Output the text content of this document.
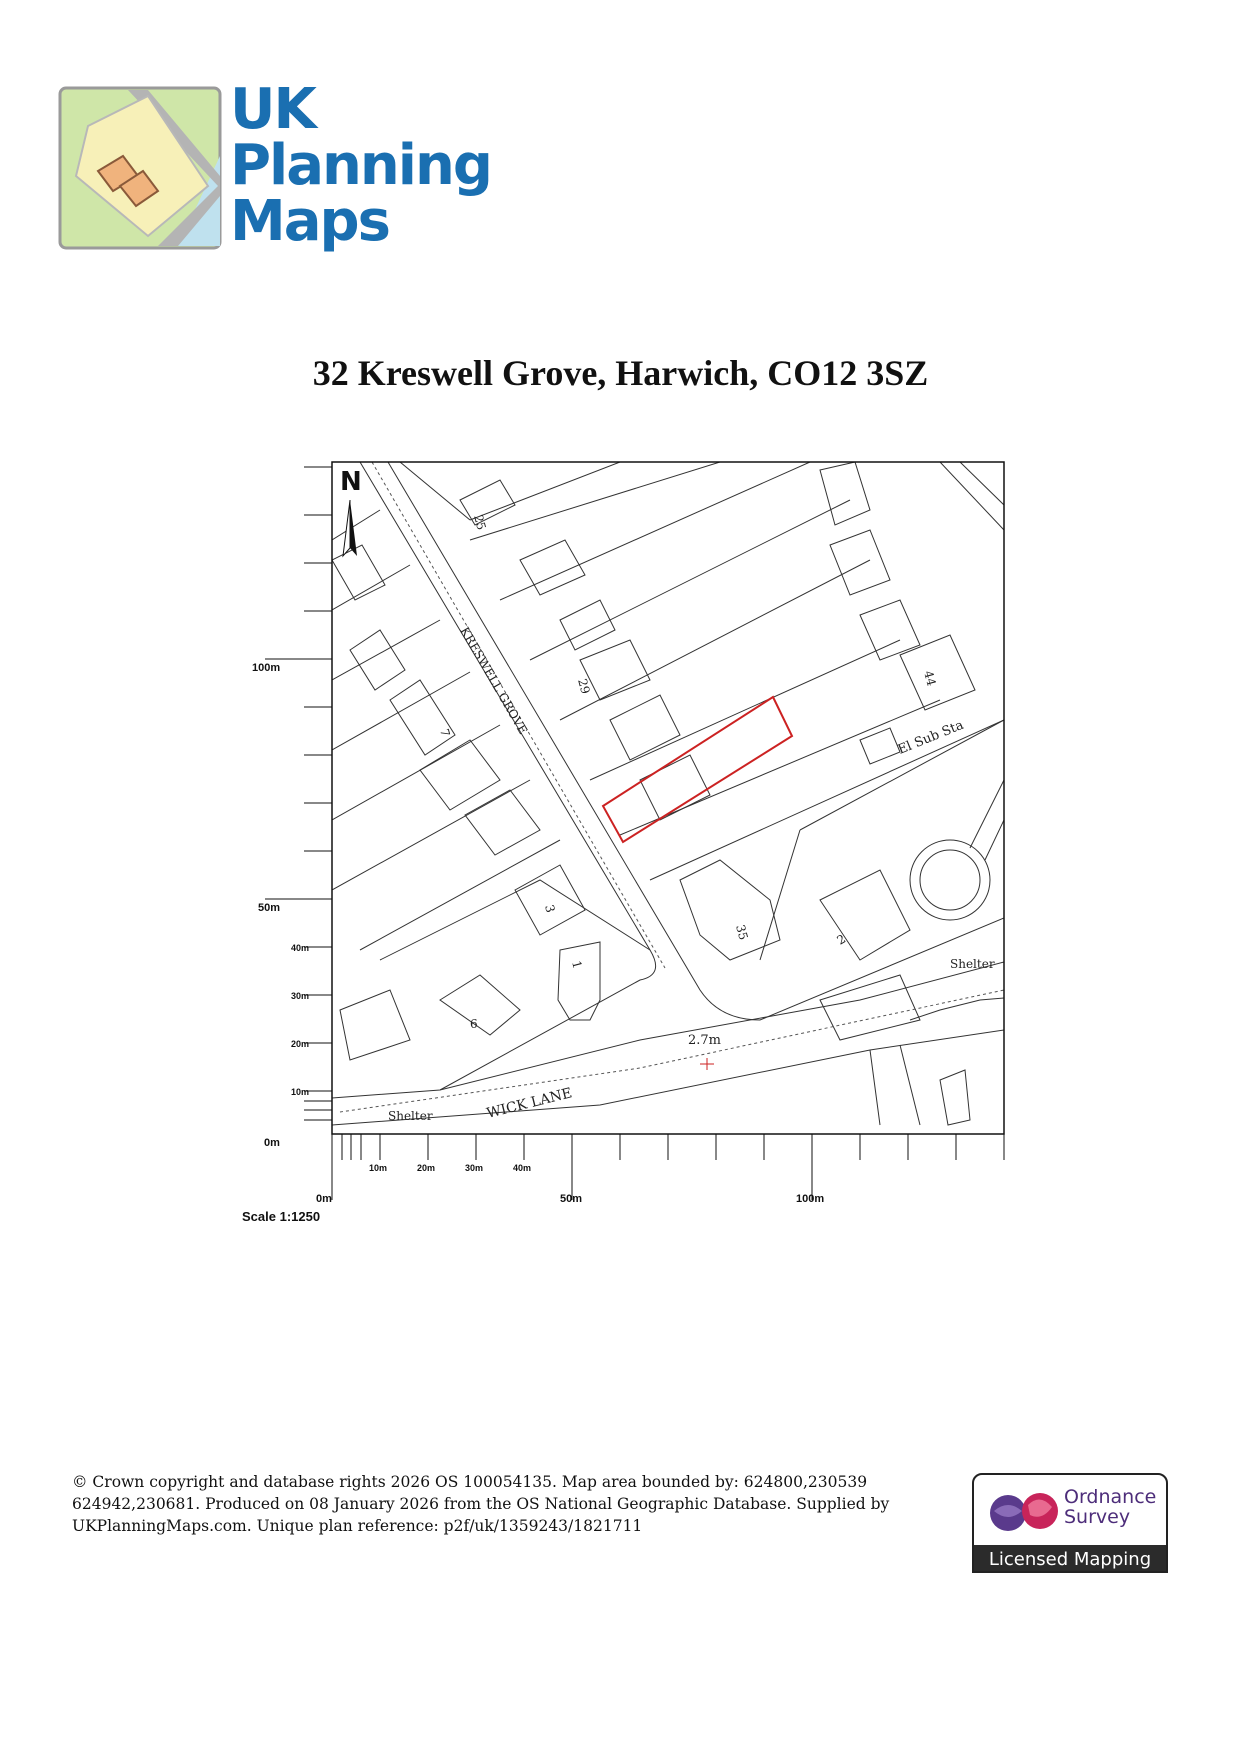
UK
Planning
Maps
32 Kreswell Grove, Harwich, CO12 3SZ
N
KRESWELL GROVE
WICK LANE
El Sub Sta
Shelter
Shelter
2.7m
25
29	44
7
3
35	2
1
6
100m
50m
40m
30m
20m
10m
0m
0m
10m	20m	30m	40m
50m	100m
Scale 1:1250
© Crown copyright and database rights 2026 OS 100054135. Map area bounded by: 624800,230539
624942,230681. Produced on 08 January 2026 from the OS National Geographic Database. Supplied by
UKPlanningMaps.com. Unique plan reference: p2f/uk/1359243/1821711
Ordnance
Survey
Licensed Mapping
